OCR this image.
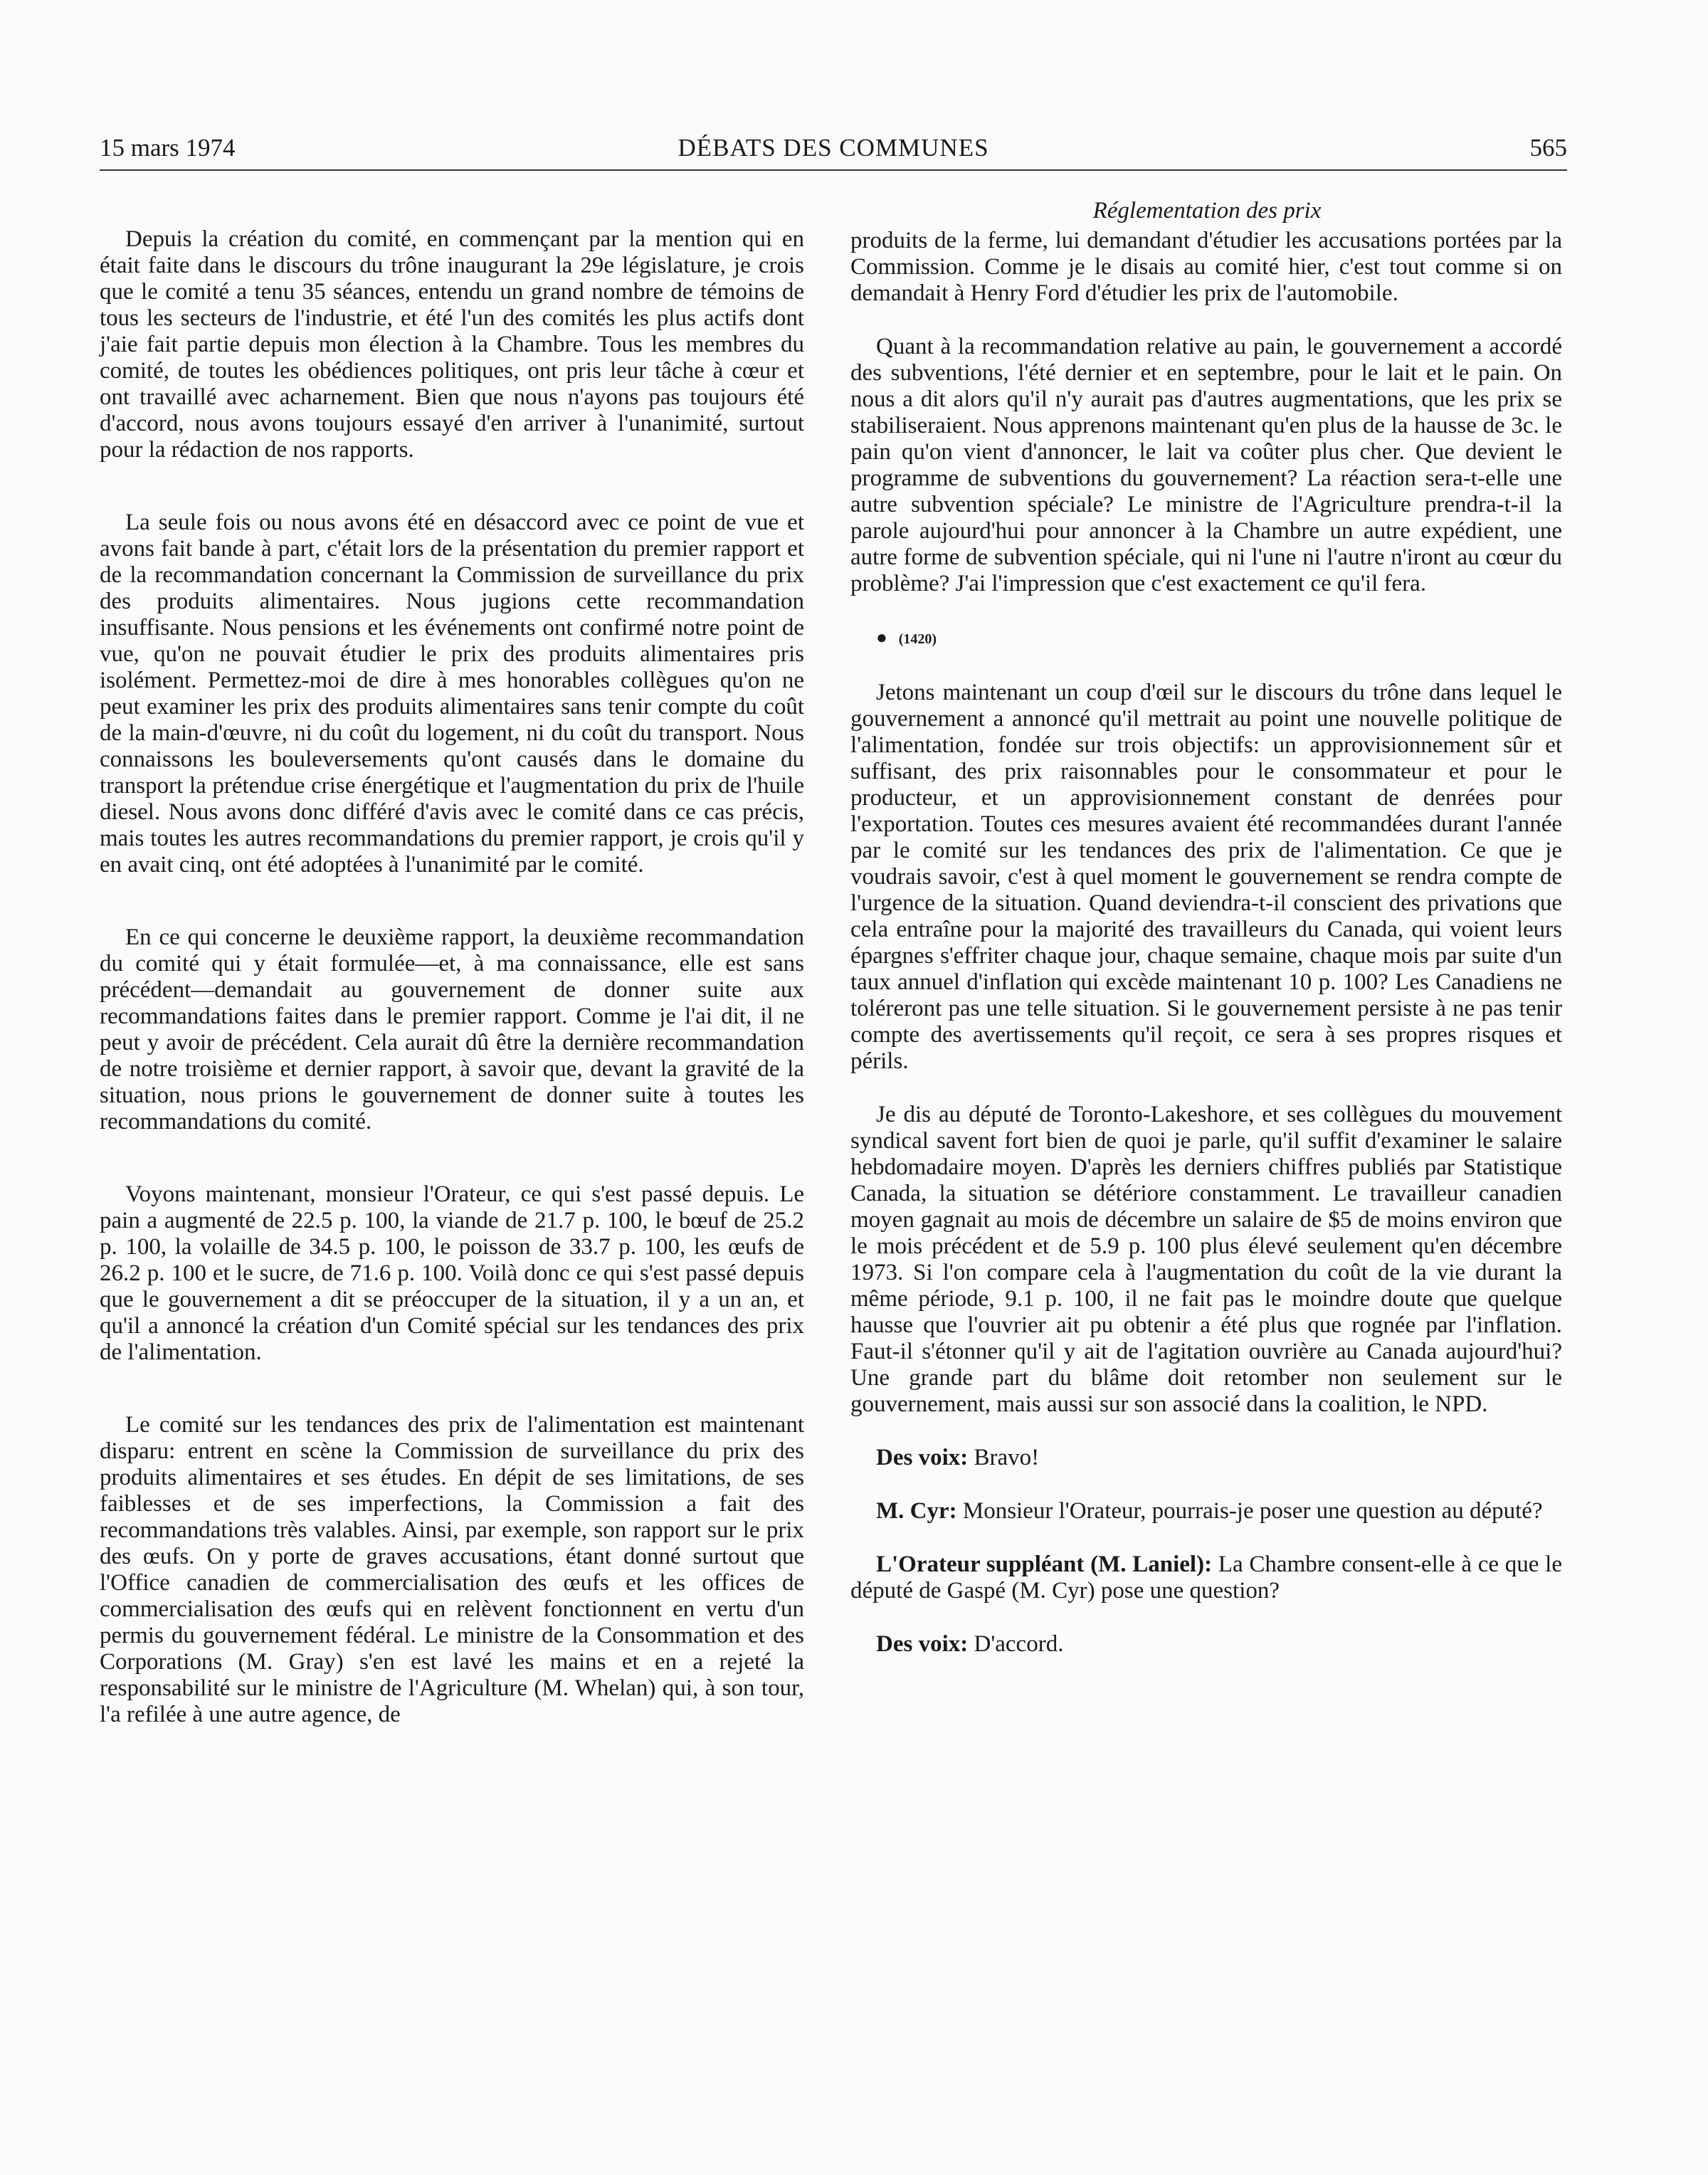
15 mars 1974	DÉBATS DES COMMUNES	565
Réglementation des prix

Depuis la création du comité, en commençant par la mention qui en était faite dans le discours du trône inaugurant la 29e législature, je crois que le comité a tenu 35 séances, entendu un grand nombre de témoins de tous les secteurs de l'industrie, et été l'un des comités les plus actifs dont j'aie fait partie depuis mon élection à la Chambre. Tous les membres du comité, de toutes les obédiences politiques, ont pris leur tâche à cœur et ont travaillé avec acharnement. Bien que nous n'ayons pas toujours été d'accord, nous avons toujours essayé d'en arriver à l'unanimité, surtout pour la rédaction de nos rapports.

La seule fois ou nous avons été en désaccord avec ce point de vue et avons fait bande à part, c'était lors de la présentation du premier rapport et de la recommandation concernant la Commission de surveillance du prix des produits alimentaires. Nous jugions cette recommandation insuffisante. Nous pensions et les événements ont confirmé notre point de vue, qu'on ne pouvait étudier le prix des produits alimentaires pris isolément. Permettez-moi de dire à mes honorables collègues qu'on ne peut examiner les prix des produits alimentaires sans tenir compte du coût de la main-d'œuvre, ni du coût du logement, ni du coût du transport. Nous connaissons les bouleversements qu'ont causés dans le domaine du transport la prétendue crise énergétique et l'augmentation du prix de l'huile diesel. Nous avons donc différé d'avis avec le comité dans ce cas précis, mais toutes les autres recommandations du premier rapport, je crois qu'il y en avait cinq, ont été adoptées à l'unanimité par le comité.

En ce qui concerne le deuxième rapport, la deuxième recommandation du comité qui y était formulée—et, à ma connaissance, elle est sans précédent—demandait au gouvernement de donner suite aux recommandations faites dans le premier rapport. Comme je l'ai dit, il ne peut y avoir de précédent. Cela aurait dû être la dernière recommandation de notre troisième et dernier rapport, à savoir que, devant la gravité de la situation, nous prions le gouvernement de donner suite à toutes les recommandations du comité.

Voyons maintenant, monsieur l'Orateur, ce qui s'est passé depuis. Le pain a augmenté de 22.5 p. 100, la viande de 21.7 p. 100, le bœuf de 25.2 p. 100, la volaille de 34.5 p. 100, le poisson de 33.7 p. 100, les œufs de 26.2 p. 100 et le sucre, de 71.6 p. 100. Voilà donc ce qui s'est passé depuis que le gouvernement a dit se préoccuper de la situation, il y a un an, et qu'il a annoncé la création d'un Comité spécial sur les tendances des prix de l'alimentation.

Le comité sur les tendances des prix de l'alimentation est maintenant disparu: entrent en scène la Commission de surveillance du prix des produits alimentaires et ses études. En dépit de ses limitations, de ses faiblesses et de ses imperfections, la Commission a fait des recommandations très valables. Ainsi, par exemple, son rapport sur le prix des œufs. On y porte de graves accusations, étant donné surtout que l'Office canadien de commercialisation des œufs et les offices de commercialisation des œufs qui en relèvent fonctionnent en vertu d'un permis du gouvernement fédéral. Le ministre de la Consommation et des Corporations (M. Gray) s'en est lavé les mains et en a rejeté la responsabilité sur le ministre de l'Agriculture (M. Whelan) qui, à son tour, l'a refilée à une autre agence, de

produits de la ferme, lui demandant d'étudier les accusations portées par la Commission. Comme je le disais au comité hier, c'est tout comme si on demandait à Henry Ford d'étudier les prix de l'automobile.

Quant à la recommandation relative au pain, le gouvernement a accordé des subventions, l'été dernier et en septembre, pour le lait et le pain. On nous a dit alors qu'il n'y aurait pas d'autres augmentations, que les prix se stabiliseraient. Nous apprenons maintenant qu'en plus de la hausse de 3c. le pain qu'on vient d'annoncer, le lait va coûter plus cher. Que devient le programme de subventions du gouvernement? La réaction sera-t-elle une autre subvention spéciale? Le ministre de l'Agriculture prendra-t-il la parole aujourd'hui pour annoncer à la Chambre un autre expédient, une autre forme de subvention spéciale, qui ni l'une ni l'autre n'iront au cœur du problème? J'ai l'impression que c'est exactement ce qu'il fera.

● (1420)

Jetons maintenant un coup d'œil sur le discours du trône dans lequel le gouvernement a annoncé qu'il mettrait au point une nouvelle politique de l'alimentation, fondée sur trois objectifs: un approvisionnement sûr et suffisant, des prix raisonnables pour le consommateur et pour le producteur, et un approvisionnement constant de denrées pour l'exportation. Toutes ces mesures avaient été recommandées durant l'année par le comité sur les tendances des prix de l'alimentation. Ce que je voudrais savoir, c'est à quel moment le gouvernement se rendra compte de l'urgence de la situation. Quand deviendra-t-il conscient des privations que cela entraîne pour la majorité des travailleurs du Canada, qui voient leurs épargnes s'effriter chaque jour, chaque semaine, chaque mois par suite d'un taux annuel d'inflation qui excède maintenant 10 p. 100? Les Canadiens ne toléreront pas une telle situation. Si le gouvernement persiste à ne pas tenir compte des avertissements qu'il reçoit, ce sera à ses propres risques et périls.

Je dis au député de Toronto-Lakeshore, et ses collègues du mouvement syndical savent fort bien de quoi je parle, qu'il suffit d'examiner le salaire hebdomadaire moyen. D'après les derniers chiffres publiés par Statistique Canada, la situation se détériore constamment. Le travailleur canadien moyen gagnait au mois de décembre un salaire de $5 de moins environ que le mois précédent et de 5.9 p. 100 plus élevé seulement qu'en décembre 1973. Si l'on compare cela à l'augmentation du coût de la vie durant la même période, 9.1 p. 100, il ne fait pas le moindre doute que quelque hausse que l'ouvrier ait pu obtenir a été plus que rognée par l'inflation. Faut-il s'étonner qu'il y ait de l'agitation ouvrière au Canada aujourd'hui? Une grande part du blâme doit retomber non seulement sur le gouvernement, mais aussi sur son associé dans la coalition, le NPD.

Des voix: Bravo!

M. Cyr: Monsieur l'Orateur, pourrais-je poser une question au député?

L'Orateur suppléant (M. Laniel): La Chambre consent-elle à ce que le député de Gaspé (M. Cyr) pose une question?

Des voix: D'accord.
